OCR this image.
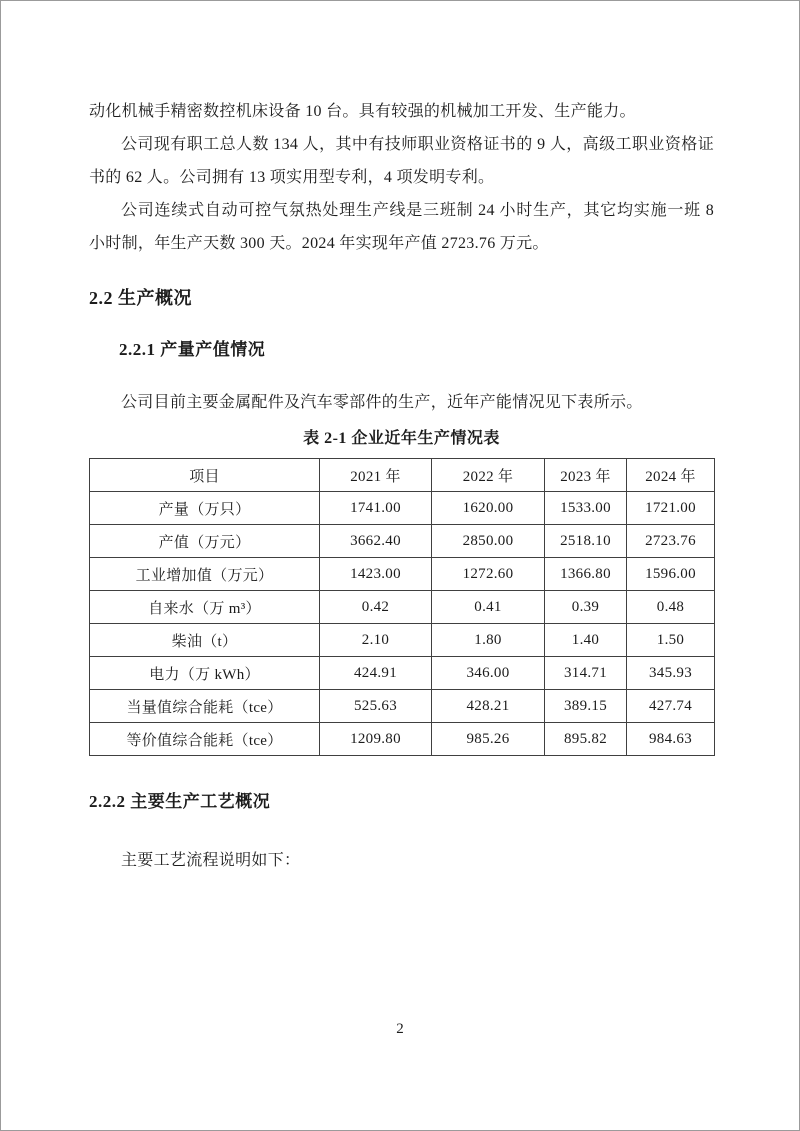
动化机械手精密数控机床设备 10 台。具有较强的机械加工开发、生产能力。

公司现有职工总人数 134 人，其中有技师职业资格证书的 9 人，高级工职业资格证书的 62 人。公司拥有 13 项实用型专利，4 项发明专利。

公司连续式自动可控气氛热处理生产线是三班制 24 小时生产，其它均实施一班 8 小时制，年生产天数 300 天。2024 年实现年产值 2723.76 万元。

2.2 生产概况
2.2.1 产量产值情况

公司目前主要金属配件及汽车零部件的生产，近年产能情况见下表所示。

表 2-1 企业近年生产情况表
项目	2021 年	2022 年	2023 年	2024 年
产量（万只）	1741.00	1620.00	1533.00	1721.00
产值（万元）	3662.40	2850.00	2518.10	2723.76
工业增加值（万元）	1423.00	1272.60	1366.80	1596.00
自来水（万 m³）	0.42	0.41	0.39	0.48
柴油（t）	2.10	1.80	1.40	1.50
电力（万 kWh）	424.91	346.00	314.71	345.93
当量值综合能耗（tce）	525.63	428.21	389.15	427.74
等价值综合能耗（tce）	1209.80	985.26	895.82	984.63
2.2.2 主要生产工艺概况

主要工艺流程说明如下：

2
